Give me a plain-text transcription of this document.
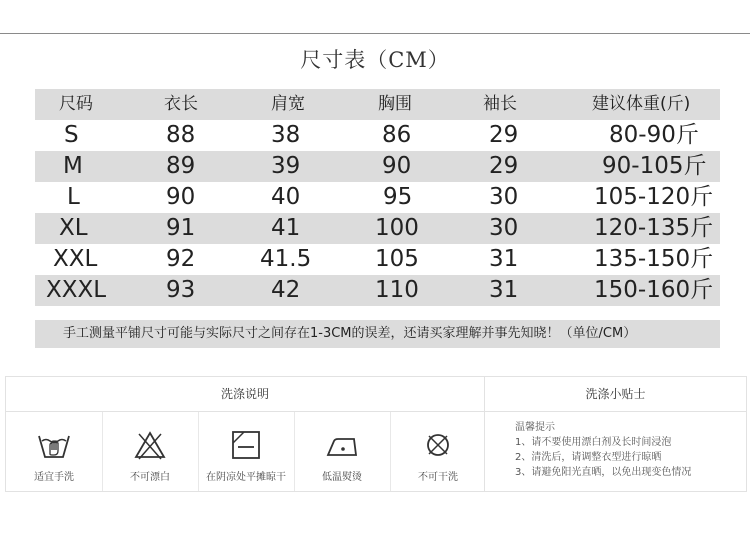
尺寸表（CM）
尺码	衣长	肩宽	胸围	袖长	建议体重(斤)
S	88	38	86	29	80-90斤
M	89	39	90	29	90-105斤
L	90	40	95	30	105-120斤
XL	91	41	100	30	120-135斤
XXL	92	41.5	105	31	135-150斤
XXXL	93	42	110	31	150-160斤
手工测量平铺尺寸可能与实际尺寸之间存在1-3CM的误差，还请买家理解并事先知晓！（单位/CM）
洗涤说明	洗涤小贴士
适宜手洗	不可漂白	在阴凉处平摊晾干	低温熨烫	不可干洗
温馨提示
1、请不要使用漂白剂及长时间浸泡
2、清洗后，请调整衣型进行晾晒
3、请避免阳光直晒，以免出现变色情况
